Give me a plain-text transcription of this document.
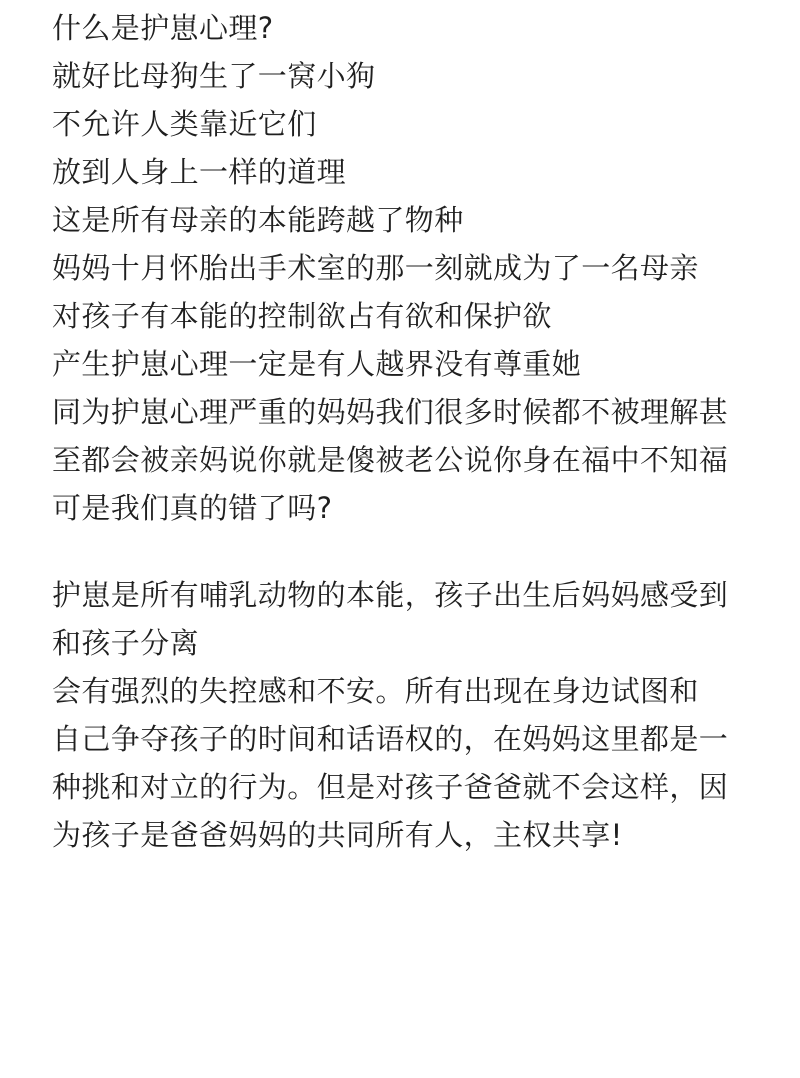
什么是护崽心理?
就好比母狗生了一窝小狗
不允许人类靠近它们
放到人身上一样的道理
这是所有母亲的本能跨越了物种
妈妈十月怀胎出手术室的那一刻就成为了一名母亲
对孩子有本能的控制欲占有欲和保护欲
产生护崽心理一定是有人越界没有尊重她
同为护崽心理严重的妈妈我们很多时候都不被理解甚
至都会被亲妈说你就是傻被老公说你身在福中不知福
可是我们真的错了吗?
护崽是所有哺乳动物的本能，孩子出生后妈妈感受到
和孩子分离
会有强烈的失控感和不安。所有出现在身边试图和
自己争夺孩子的时间和话语权的，在妈妈这里都是一
种挑和对立的行为。但是对孩子爸爸就不会这样，因
为孩子是爸爸妈妈的共同所有人，主权共享!
